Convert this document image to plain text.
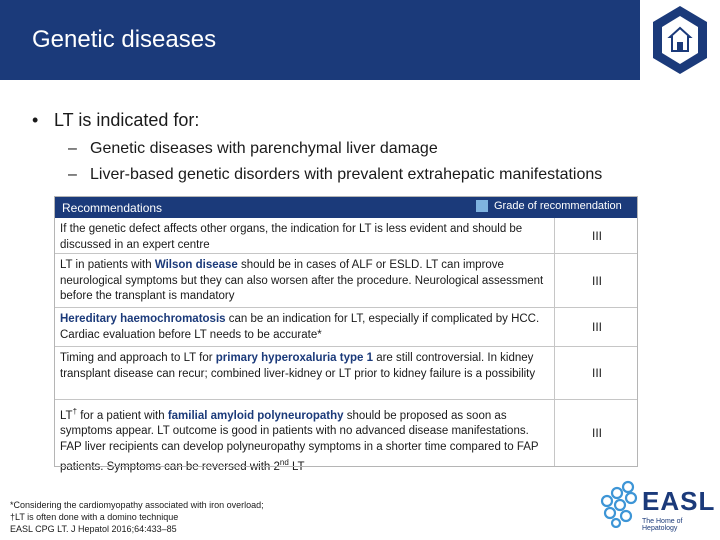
Genetic diseases
• LT is indicated for:
– Genetic diseases with parenchymal liver damage
– Liver-based genetic disorders with prevalent extrahepatic manifestations
Recommendations	Grade of recommendation
If the genetic defect affects other organs, the indication for LT is less evident and should be discussed in an expert centre
III
LT in patients with Wilson disease should be in cases of ALF or ESLD. LT can improve neurological symptoms but they can also worsen after the procedure. Neurological assessment before the transplant is mandatory
III
Hereditary haemochromatosis can be an indication for LT, especially if complicated by HCC. Cardiac evaluation before LT needs to be accurate*
III
Timing and approach to LT for primary hyperoxaluria type 1 are still controversial. In kidney transplant disease can recur; combined liver-kidney or LT prior to kidney failure is a possibility	III
LT† for a patient with familial amyloid polyneuropathy should be proposed as soon as symptoms appear. LT outcome is good in patients with no advanced disease manifestations. FAP liver recipients can develop polyneuropathy symptoms in a shorter time compared to FAP patients. Symptoms can be reversed with 2nd LT
III
*Considering the cardiomyopathy associated with iron overload;
†LT is often done with a domino technique
EASL CPG LT. J Hepatol 2016;64:433–85
EASL
The Home of Hepatology
